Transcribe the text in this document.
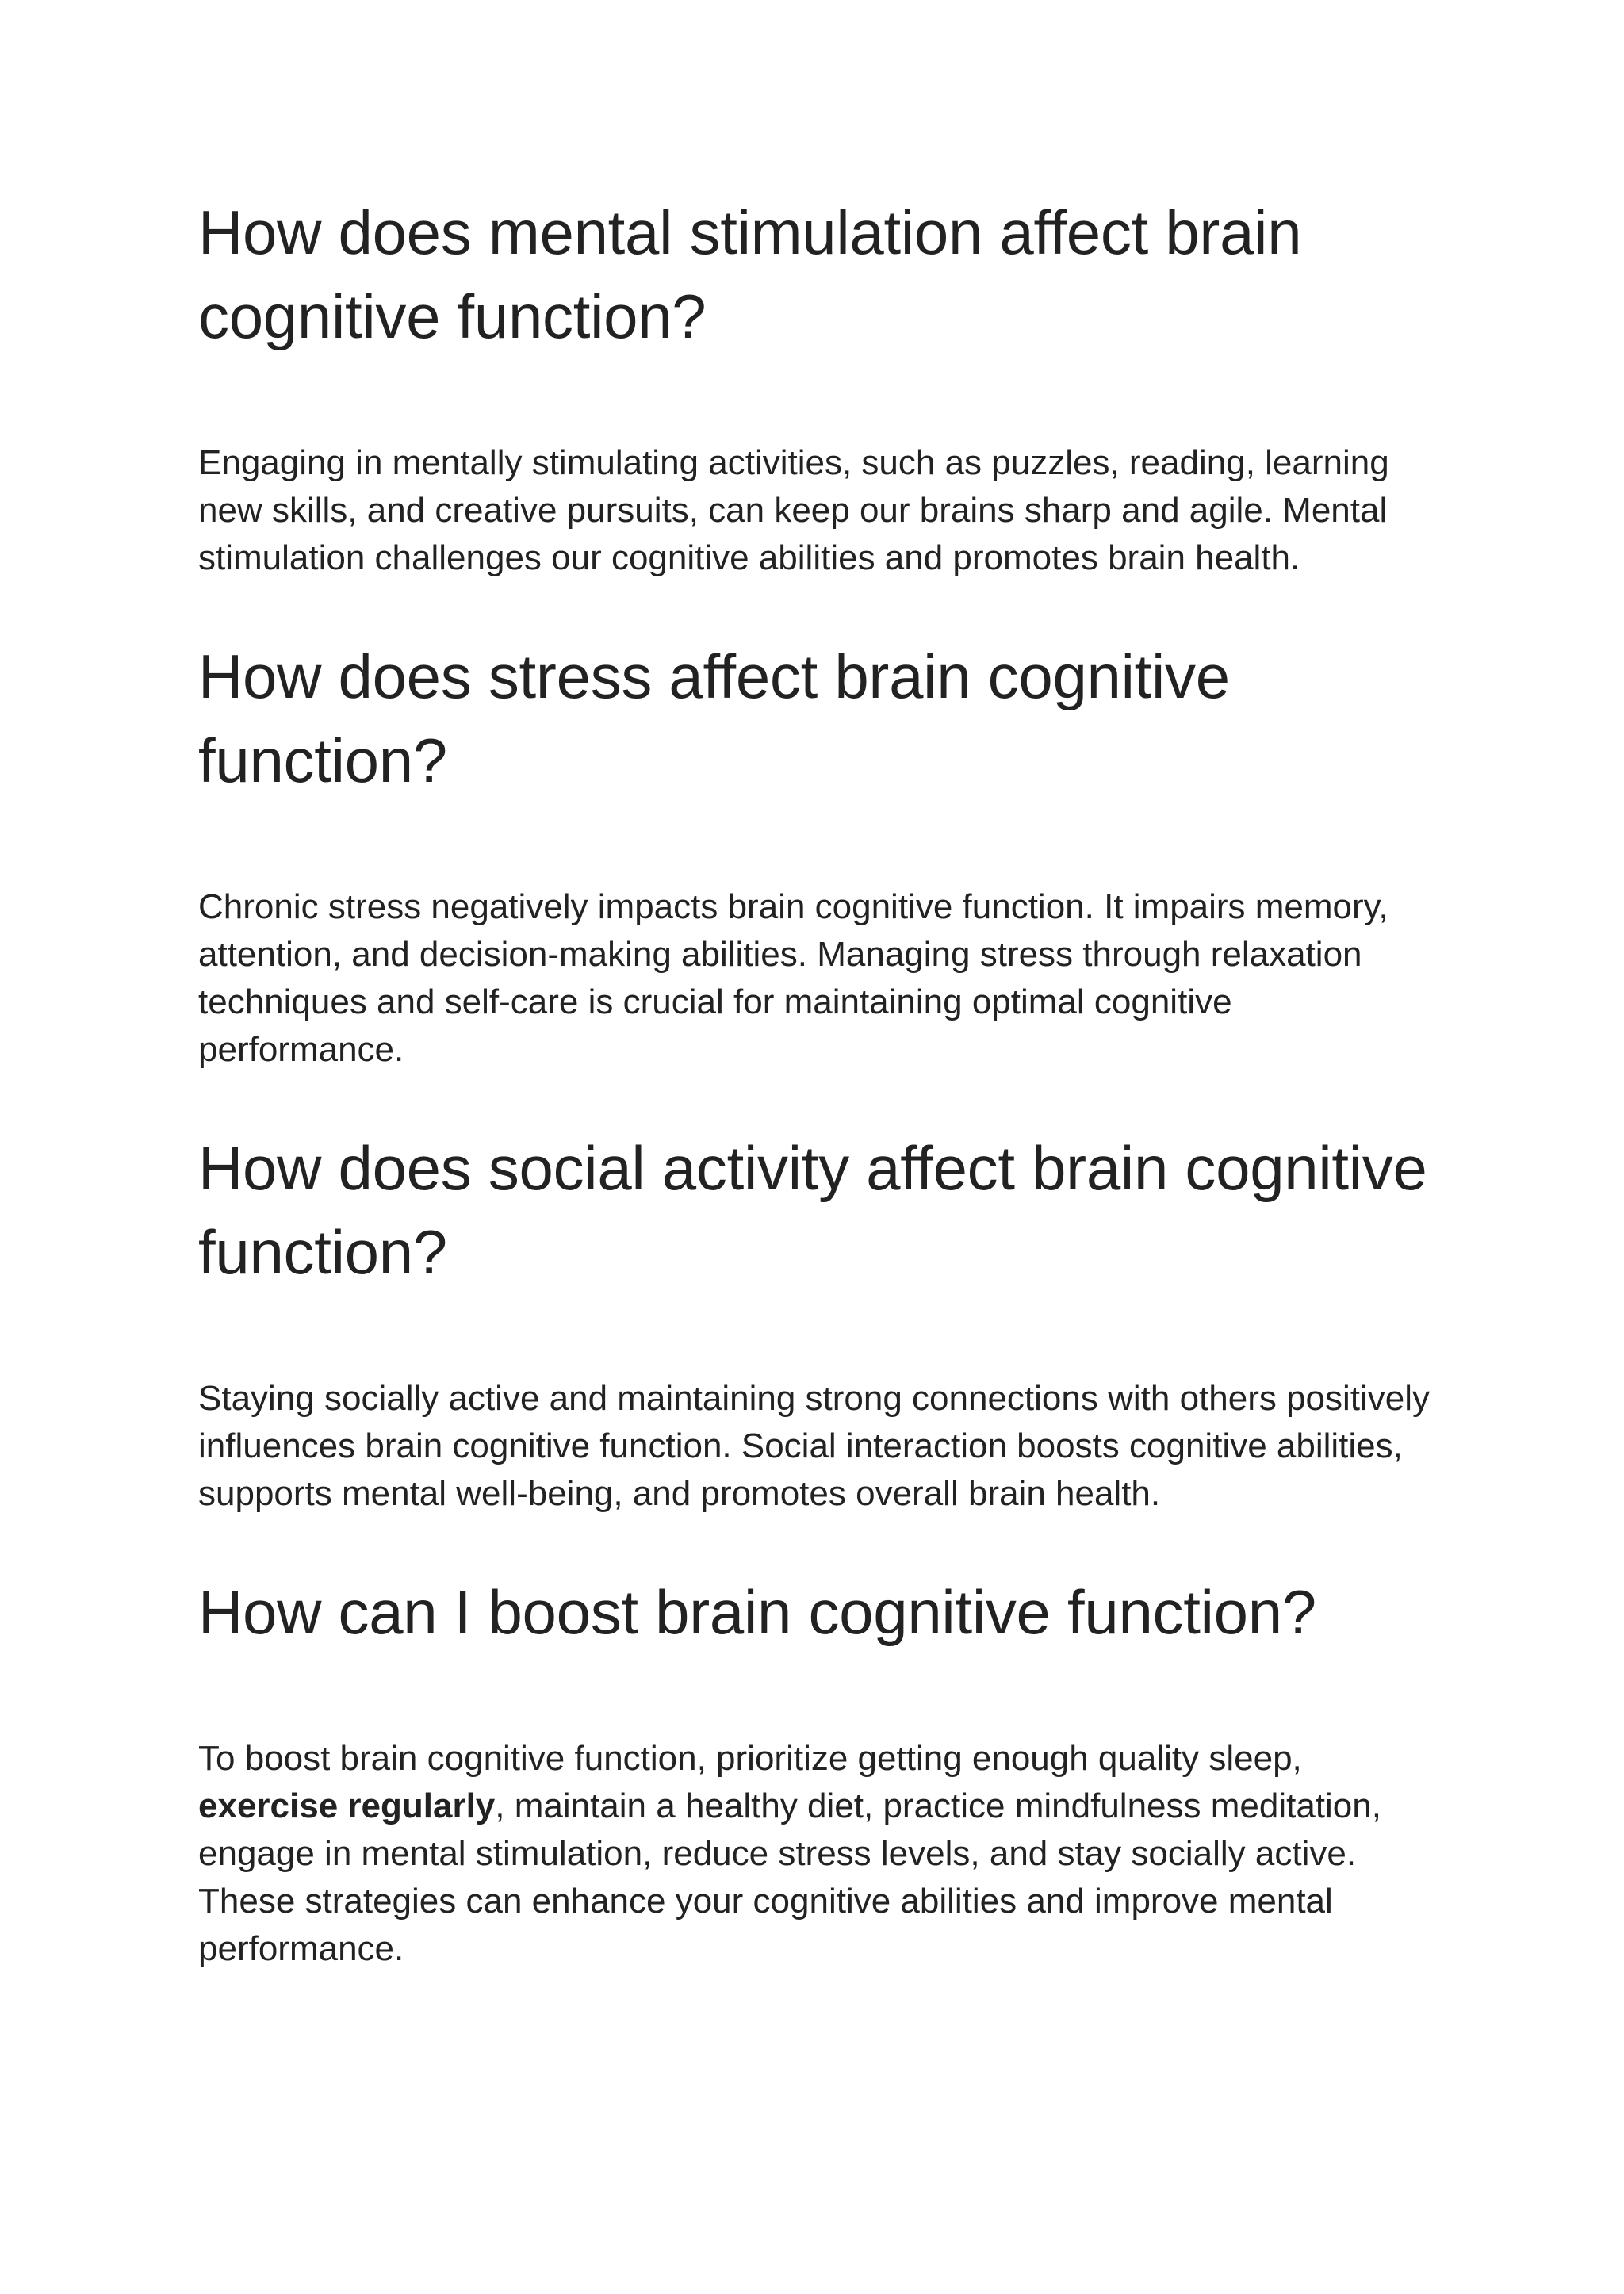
How does mental stimulation affect brain cognitive function?

Engaging in mentally stimulating activities, such as puzzles, reading, learning new skills, and creative pursuits, can keep our brains sharp and agile. Mental stimulation challenges our cognitive abilities and promotes brain health.

How does stress affect brain cognitive function?

Chronic stress negatively impacts brain cognitive function. It impairs memory, attention, and decision-making abilities. Managing stress through relaxation techniques and self-care is crucial for maintaining optimal cognitive performance.

How does social activity affect brain cognitive function?

Staying socially active and maintaining strong connections with others positively influences brain cognitive function. Social interaction boosts cognitive abilities, supports mental well-being, and promotes overall brain health.

How can I boost brain cognitive function?

To boost brain cognitive function, prioritize getting enough quality sleep, exercise regularly, maintain a healthy diet, practice mindfulness meditation, engage in mental stimulation, reduce stress levels, and stay socially active. These strategies can enhance your cognitive abilities and improve mental performance.
